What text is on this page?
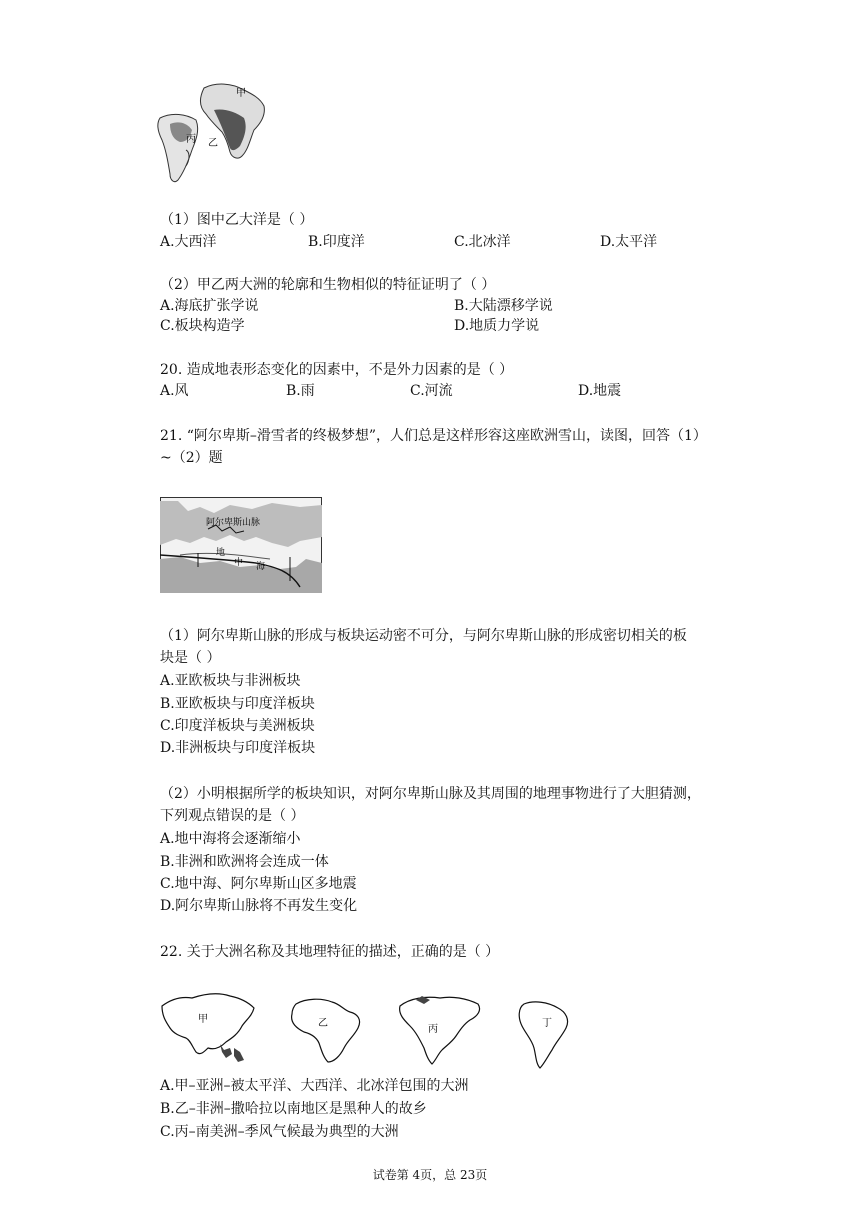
甲
乙
丙
（1）图中乙大洋是（ ）
A.大西洋	B.印度洋	C.北冰洋	D.太平洋
（2）甲乙两大洲的轮廓和生物相似的特征证明了（ ）
A.海底扩张学说	B.大陆漂移学说
C.板块构造学	D.地质力学说
20. 造成地表形态变化的因素中，不是外力因素的是（ ）
A.风	B.雨	C.河流	D.地震
21. “阿尔卑斯–滑雪者的终极梦想”，人们总是这样形容这座欧洲雪山，读图，回答（1）
~（2）题
阿尔卑斯山脉
地
中 海
（1）阿尔卑斯山脉的形成与板块运动密不可分，与阿尔卑斯山脉的形成密切相关的板
块是（ ）
A.亚欧板块与非洲板块
B.亚欧板块与印度洋板块
C.印度洋板块与美洲板块
D.非洲板块与印度洋板块
（2）小明根据所学的板块知识，对阿尔卑斯山脉及其周围的地理事物进行了大胆猜测，
下列观点错误的是（ ）
A.地中海将会逐渐缩小
B.非洲和欧洲将会连成一体
C.地中海、阿尔卑斯山区多地震
D.阿尔卑斯山脉将不再发生变化
22. 关于大洲名称及其地理特征的描述，正确的是（ ）
甲	乙
丙
丁
A.甲–亚洲–被太平洋、大西洋、北冰洋包围的大洲
B.乙–非洲–撒哈拉以南地区是黑种人的故乡
C.丙–南美洲–季风气候最为典型的大洲
试卷第 4页，总 23页
